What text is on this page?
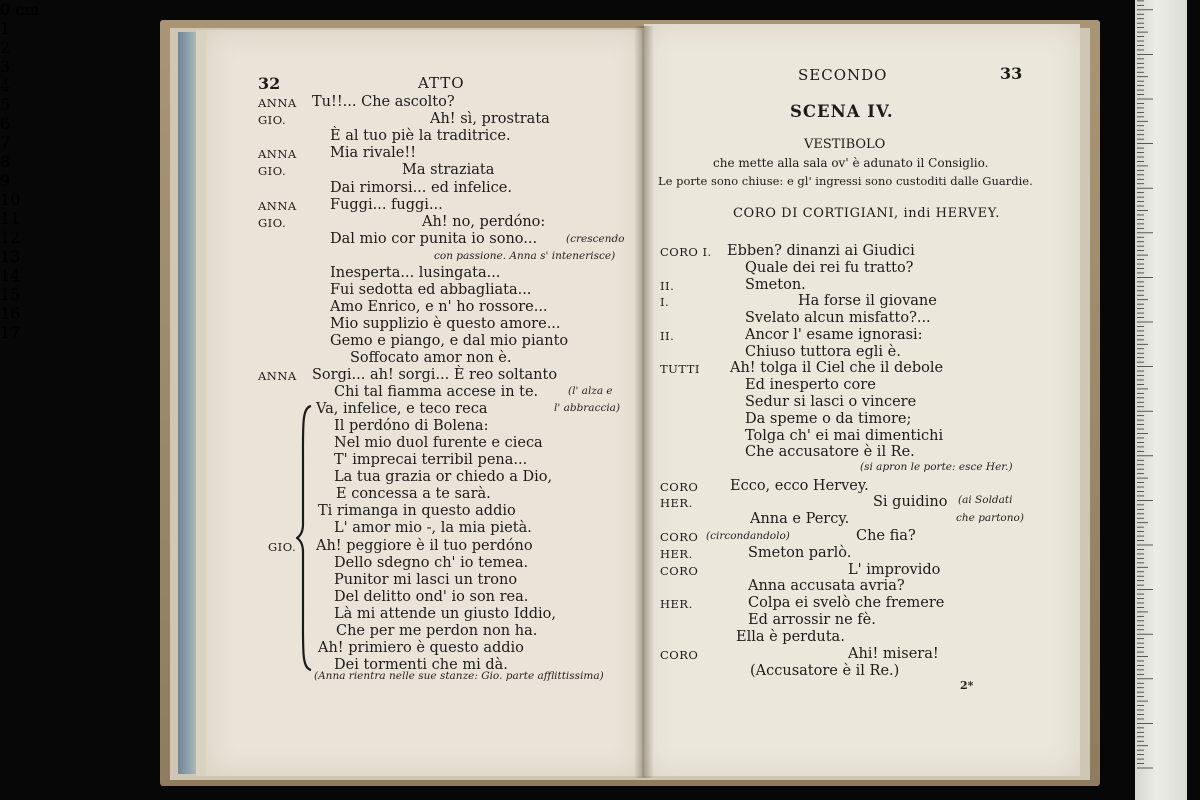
32	ATTO
ANNA Tu!!... Che ascolto?
GIO.	Ah! sì, prostrata
È al tuo piè la traditrice.
ANNA Mia rivale!!
GIO.	Ma straziata
Dai rimorsi... ed infelice.
ANNA Fuggi... fuggi...
GIO.	Ah! no, perdóno:
Dal mio cor punita io sono...
Inesperta... lusingata...
Fui sedotta ed abbagliata...
Amo Enrico, e n' ho rossore...
Mio supplizio è questo amore...
Gemo e piango, e dal mio pianto
Soffocato amor non è.
ANNA Sorgi... ah! sorgi... È reo soltanto
Chi tal fiamma accese in te.
Va, infelice, e teco reca
Il perdóno di Bolena:
Nel mio duol furente e cieca
T' imprecai terribil pena...
La tua grazia or chiedo a Dio,
E concessa a te sarà.
Ti rimanga in questo addio
L' amor mio -, la mia pietà.
GIO. Ah! peggiore è il tuo perdóno
Dello sdegno ch' io temea.
Punitor mi lasci un trono
Del delitto ond' io son rea.
Là mi attende un giusto Iddio,
Che per me perdon non ha.
Ah! primiero è questo addio
Dei tormenti che mi dà.
(crescendo
con passione. Anna s' intenerisce)
(l' alza e
l' abbraccia)
(Anna rientra nelle sue stanze: Gio. parte afflittissima)
SECONDO	33
SCENA IV.
VESTIBOLO
che mette alla sala ov' è adunato il Consiglio.
Le porte sono chiuse: e gl' ingressi sono custoditi dalle Guardie.
CORO DI CORTIGIANI, indi HERVEY.
CORO I. Ebben? dinanzi ai Giudici
Quale dei rei fu tratto?
II.	Smeton.
I.	Ha forse il giovane
Svelato alcun misfatto?...
II.	Ancor l' esame ignorasi:
Chiuso tuttora egli è.
TUTTI Ah! tolga il Ciel che il debole
Ed inesperto core
Sedur si lasci o vincere
Da speme o da timore;
Tolga ch' ei mai dimentichi
Che accusatore è il Re.
CORO Ecco, ecco Hervey.
HER.	Si guidino
Anna e Percy.
CORO	Che fia?
HER.	Smeton parlò.
CORO	L' improvido
Anna accusata avria?
HER.	Colpa ei svelò che fremere
Ed arrossir ne fè.
Ella è perduta.
CORO	Ahi! misera!
(Accusatore è il Re.)
(si apron le porte: esce Her.)
(ai Soldati
che partono)
(circondandolo)
2*
0 cm
1
2
3
4
5
6
7
8
9
10
11
12
13
14
15
16
17
